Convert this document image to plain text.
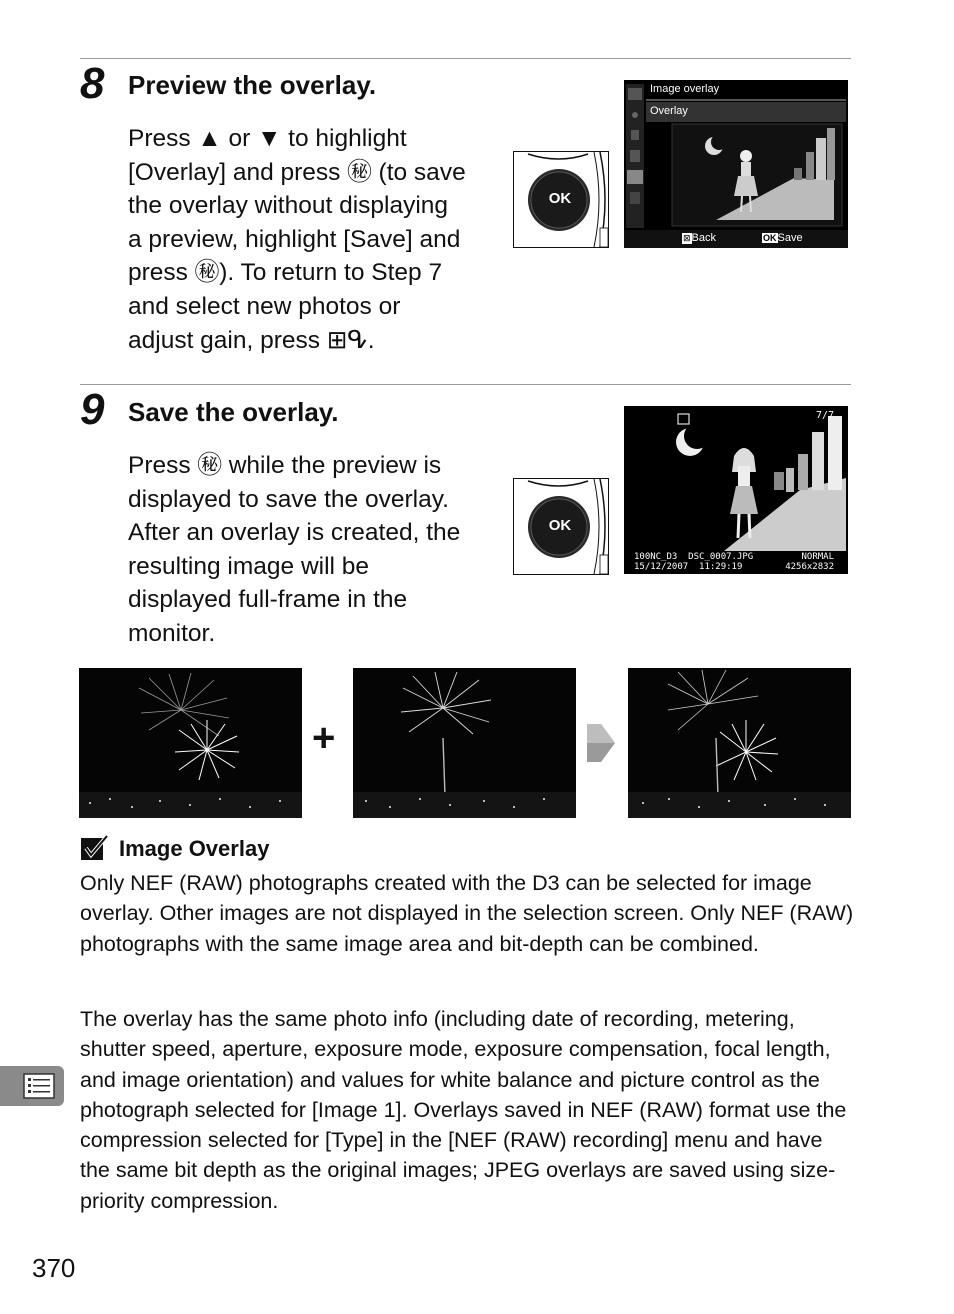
8 Preview the overlay.

Press ▲ or ▼ to highlight
[Overlay] and press ㊙ (to save
the overlay without displaying
a preview, highlight [Save] and
press ㊙). To return to Step 7
and select new photos or
adjust gain, press ⊞ᕴ.

OK
Image overlay
Overlay
⊠Back	OKSave
9 Save the overlay.

Press ㊙ while the preview is
displayed to save the overlay.
After an overlay is created, the
resulting image will be
displayed full-frame in the
monitor.

OK
7/7
100NC_D3  DSC_0007.JPG	NORMAL
15/12/2007  11:29:19	4256x2832
+
Image Overlay
Only NEF (RAW) photographs created with the D3 can be selected for image overlay. Other images are not displayed in the selection screen. Only NEF (RAW) photographs with the same image area and bit-depth can be combined.
The overlay has the same photo info (including date of recording, metering, shutter speed, aperture, exposure mode, exposure compensation, focal length, and image orientation) and values for white balance and picture control as the photograph selected for [Image 1]. Overlays saved in NEF (RAW) format use the compression selected for [Type] in the [NEF (RAW) recording] menu and have the same bit depth as the original images; JPEG overlays are saved using size-priority compression.
370
